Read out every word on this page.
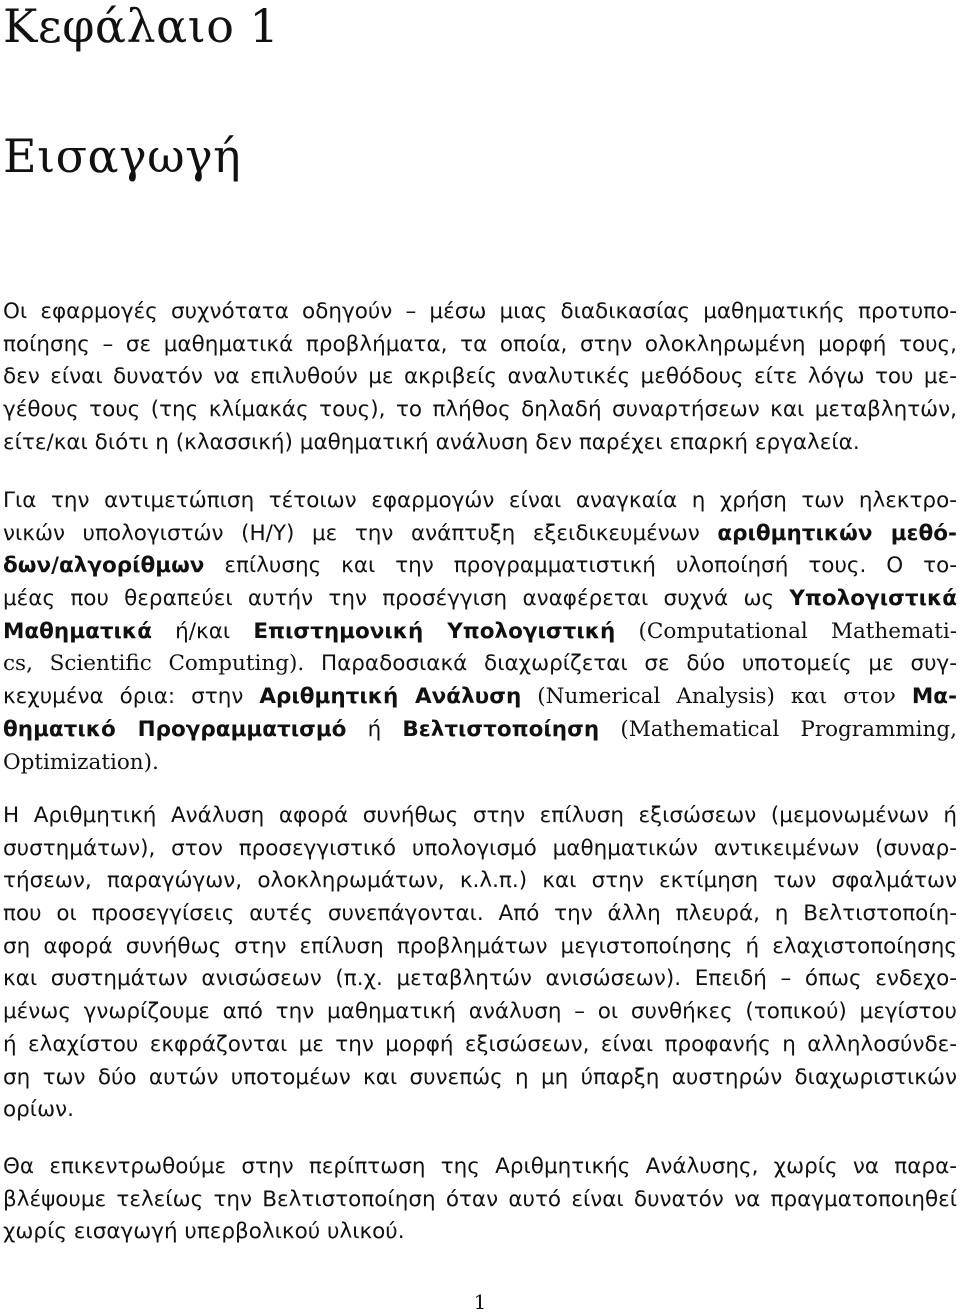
Κεφάλαιο 1
Εισαγωγή
Οι εφαρμογές συχνότατα οδηγούν – μέσω μιας διαδικασίας μαθηματικής προτυπο-
ποίησης – σε μαθηματικά προβλήματα, τα οποία, στην ολοκληρωμένη μορφή τους,
δεν είναι δυνατόν να επιλυθούν με ακριβείς αναλυτικές μεθόδους είτε λόγω του με-
γέθους τους (της κλίμακάς τους), το πλήθος δηλαδή συναρτήσεων και μεταβλητών,
είτε/και διότι η (κλασσική) μαθηματική ανάλυση δεν παρέχει επαρκή εργαλεία.
Για την αντιμετώπιση τέτοιων εφαρμογών είναι αναγκαία η χρήση των ηλεκτρο-
νικών υπολογιστών (Η/Υ) με την ανάπτυξη εξειδικευμένων αριθμητικών μεθό-
δων/αλγορίθμων επίλυσης και την προγραμματιστική υλοποίησή τους. Ο το-
μέας που θεραπεύει αυτήν την προσέγγιση αναφέρεται συχνά ως Υπολογιστικά
Μαθηματικά ή/και Επιστημονική Υπολογιστική (Computational Mathemati-
cs, Scientific Computing). Παραδοσιακά διαχωρίζεται σε δύο υποτομείς με συγ-
κεχυμένα όρια: στην Αριθμητική Ανάλυση (Numerical Analysis) και στον Μα-
θηματικό Προγραμματισμό ή Βελτιστοποίηση (Mathematical Programming,
Optimization).
Η Αριθμητική Ανάλυση αφορά συνήθως στην επίλυση εξισώσεων (μεμονωμένων ή
συστημάτων), στον προσεγγιστικό υπολογισμό μαθηματικών αντικειμένων (συναρ-
τήσεων, παραγώγων, ολοκληρωμάτων, κ.λ.π.) και στην εκτίμηση των σφαλμάτων
που οι προσεγγίσεις αυτές συνεπάγονται. Από την άλλη πλευρά, η Βελτιστοποίη-
ση αφορά συνήθως στην επίλυση προβλημάτων μεγιστοποίησης ή ελαχιστοποίησης
και συστημάτων ανισώσεων (π.χ. μεταβλητών ανισώσεων). Επειδή – όπως ενδεχο-
μένως γνωρίζουμε από την μαθηματική ανάλυση – οι συνθήκες (τοπικού) μεγίστου
ή ελαχίστου εκφράζονται με την μορφή εξισώσεων, είναι προφανής η αλληλοσύνδε-
ση των δύο αυτών υποτομέων και συνεπώς η μη ύπαρξη αυστηρών διαχωριστικών
ορίων.
Θα επικεντρωθούμε στην περίπτωση της Αριθμητικής Ανάλυσης, χωρίς να παρα-
βλέψουμε τελείως την Βελτιστοποίηση όταν αυτό είναι δυνατόν να πραγματοποιηθεί
χωρίς εισαγωγή υπερβολικού υλικού.
1
